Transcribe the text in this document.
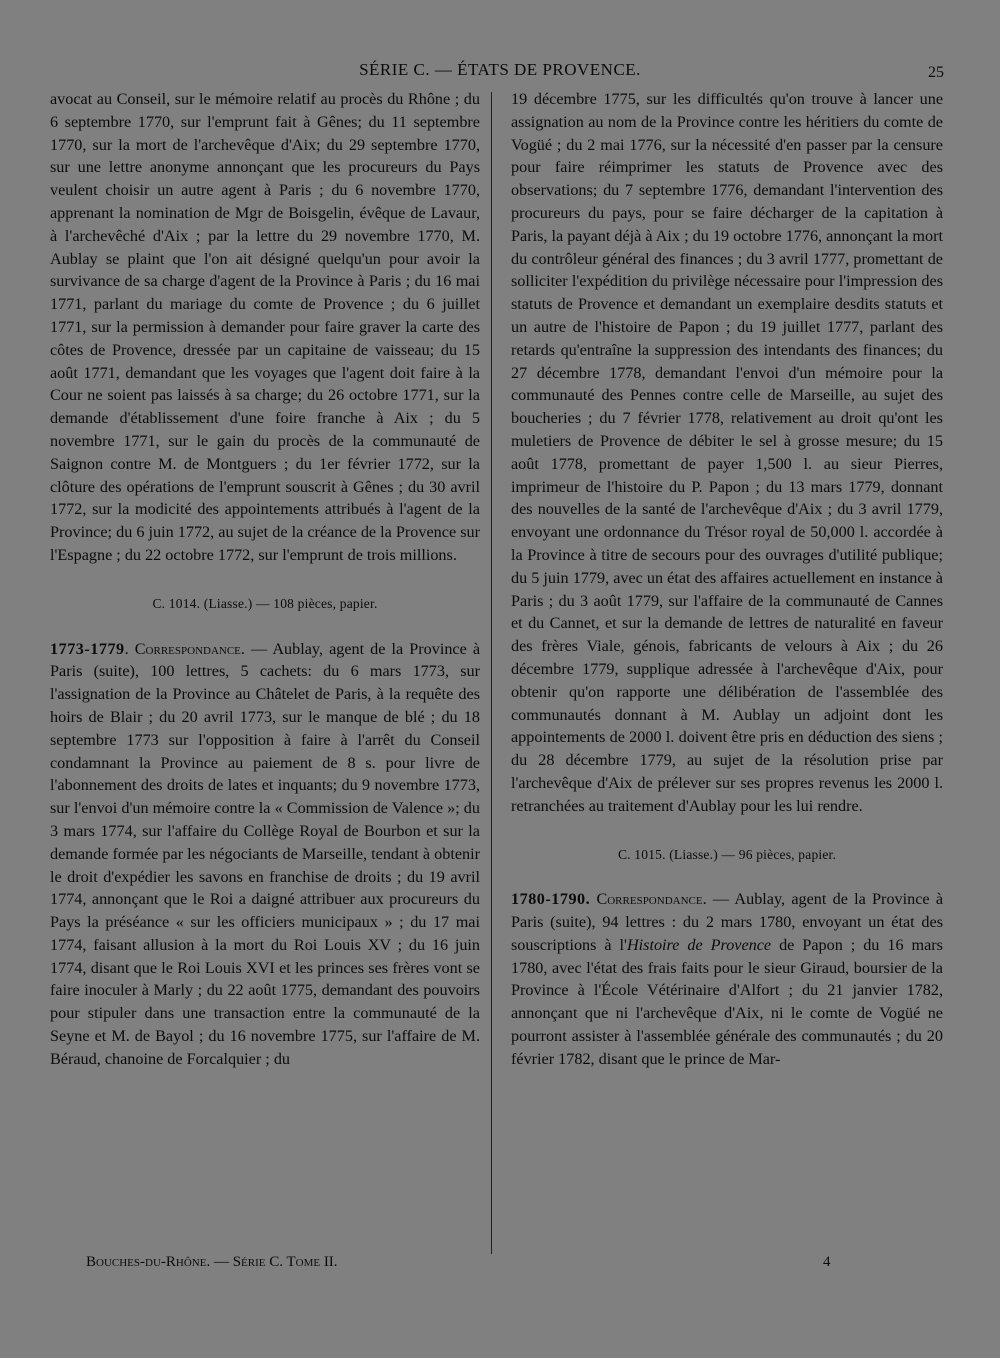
SÉRIE C. — ÉTATS DE PROVENCE.	25

avocat au Conseil, sur le mémoire relatif au procès du Rhône ; du 6 septembre 1770, sur l'emprunt fait à Gênes; du 11 septembre 1770, sur la mort de l'archevêque d'Aix; du 29 septembre 1770, sur une lettre anonyme annonçant que les procureurs du Pays veulent choisir un autre agent à Paris ; du 6 novembre 1770, apprenant la nomination de Mgr de Boisgelin, évêque de Lavaur, à l'archevêché d'Aix ; par la lettre du 29 novembre 1770, M. Aublay se plaint que l'on ait désigné quelqu'un pour avoir la survivance de sa charge d'agent de la Province à Paris ; du 16 mai 1771, parlant du mariage du comte de Provence ; du 6 juillet 1771, sur la permission à demander pour faire graver la carte des côtes de Provence, dressée par un capitaine de vaisseau; du 15 août 1771, demandant que les voyages que l'agent doit faire à la Cour ne soient pas laissés à sa charge; du 26 octobre 1771, sur la demande d'établissement d'une foire franche à Aix ; du 5 novembre 1771, sur le gain du procès de la communauté de Saignon contre M. de Montguers ; du 1er février 1772, sur la clôture des opérations de l'emprunt souscrit à Gênes ; du 30 avril 1772, sur la modicité des appointements attribués à l'agent de la Province; du 6 juin 1772, au sujet de la créance de la Provence sur l'Espagne ; du 22 octobre 1772, sur l'emprunt de trois millions.

C. 1014. (Liasse.) — 108 pièces, papier.

1773-1779. Correspondance. — Aublay, agent de la Province à Paris (suite), 100 lettres, 5 cachets: du 6 mars 1773, sur l'assignation de la Province au Châtelet de Paris, à la requête des hoirs de Blair ; du 20 avril 1773, sur le manque de blé ; du 18 septembre 1773 sur l'opposition à faire à l'arrêt du Conseil condamnant la Province au paiement de 8 s. pour livre de l'abonnement des droits de lates et inquants; du 9 novembre 1773, sur l'envoi d'un mémoire contre la « Commission de Valence »; du 3 mars 1774, sur l'affaire du Collège Royal de Bourbon et sur la demande formée par les négociants de Marseille, tendant à obtenir le droit d'expédier les savons en franchise de droits ; du 19 avril 1774, annonçant que le Roi a daigné attribuer aux procureurs du Pays la préséance « sur les officiers municipaux » ; du 17 mai 1774, faisant allusion à la mort du Roi Louis XV ; du 16 juin 1774, disant que le Roi Louis XVI et les princes ses frères vont se faire inoculer à Marly ; du 22 août 1775, demandant des pouvoirs pour stipuler dans une transaction entre la communauté de la Seyne et M. de Bayol ; du 16 novembre 1775, sur l'affaire de M. Béraud, chanoine de Forcalquier ; du

19 décembre 1775, sur les difficultés qu'on trouve à lancer une assignation au nom de la Province contre les héritiers du comte de Vogüé ; du 2 mai 1776, sur la nécessité d'en passer par la censure pour faire réimprimer les statuts de Provence avec des observations; du 7 septembre 1776, demandant l'intervention des procureurs du pays, pour se faire décharger de la capitation à Paris, la payant déjà à Aix ; du 19 octobre 1776, annonçant la mort du contrôleur général des finances ; du 3 avril 1777, promettant de solliciter l'expédition du privilège nécessaire pour l'impression des statuts de Provence et demandant un exemplaire desdits statuts et un autre de l'histoire de Papon ; du 19 juillet 1777, parlant des retards qu'entraîne la suppression des intendants des finances; du 27 décembre 1778, demandant l'envoi d'un mémoire pour la communauté des Pennes contre celle de Marseille, au sujet des boucheries ; du 7 février 1778, relativement au droit qu'ont les muletiers de Provence de débiter le sel à grosse mesure; du 15 août 1778, promettant de payer 1,500 l. au sieur Pierres, imprimeur de l'histoire du P. Papon ; du 13 mars 1779, donnant des nouvelles de la santé de l'archevêque d'Aix ; du 3 avril 1779, envoyant une ordonnance du Trésor royal de 50,000 l. accordée à la Province à titre de secours pour des ouvrages d'utilité publique; du 5 juin 1779, avec un état des affaires actuellement en instance à Paris ; du 3 août 1779, sur l'affaire de la communauté de Cannes et du Cannet, et sur la demande de lettres de naturalité en faveur des frères Viale, génois, fabricants de velours à Aix ; du 26 décembre 1779, supplique adressée à l'archevêque d'Aix, pour obtenir qu'on rapporte une délibération de l'assemblée des communautés donnant à M. Aublay un adjoint dont les appointements de 2000 l. doivent être pris en déduction des siens ; du 28 décembre 1779, au sujet de la résolution prise par l'archevêque d'Aix de prélever sur ses propres revenus les 2000 l. retranchées au traitement d'Aublay pour les lui rendre.

C. 1015. (Liasse.) — 96 pièces, papier.

1780-1790. Correspondance. — Aublay, agent de la Province à Paris (suite), 94 lettres : du 2 mars 1780, envoyant un état des souscriptions à l'Histoire de Provence de Papon ; du 16 mars 1780, avec l'état des frais faits pour le sieur Giraud, boursier de la Province à l'École Vétérinaire d'Alfort ; du 21 janvier 1782, annonçant que ni l'archevêque d'Aix, ni le comte de Vogüé ne pourront assister à l'assemblée générale des communautés ; du 20 février 1782, disant que le prince de Mar-

Bouches-du-Rhône. — Série C. Tome II.	4
